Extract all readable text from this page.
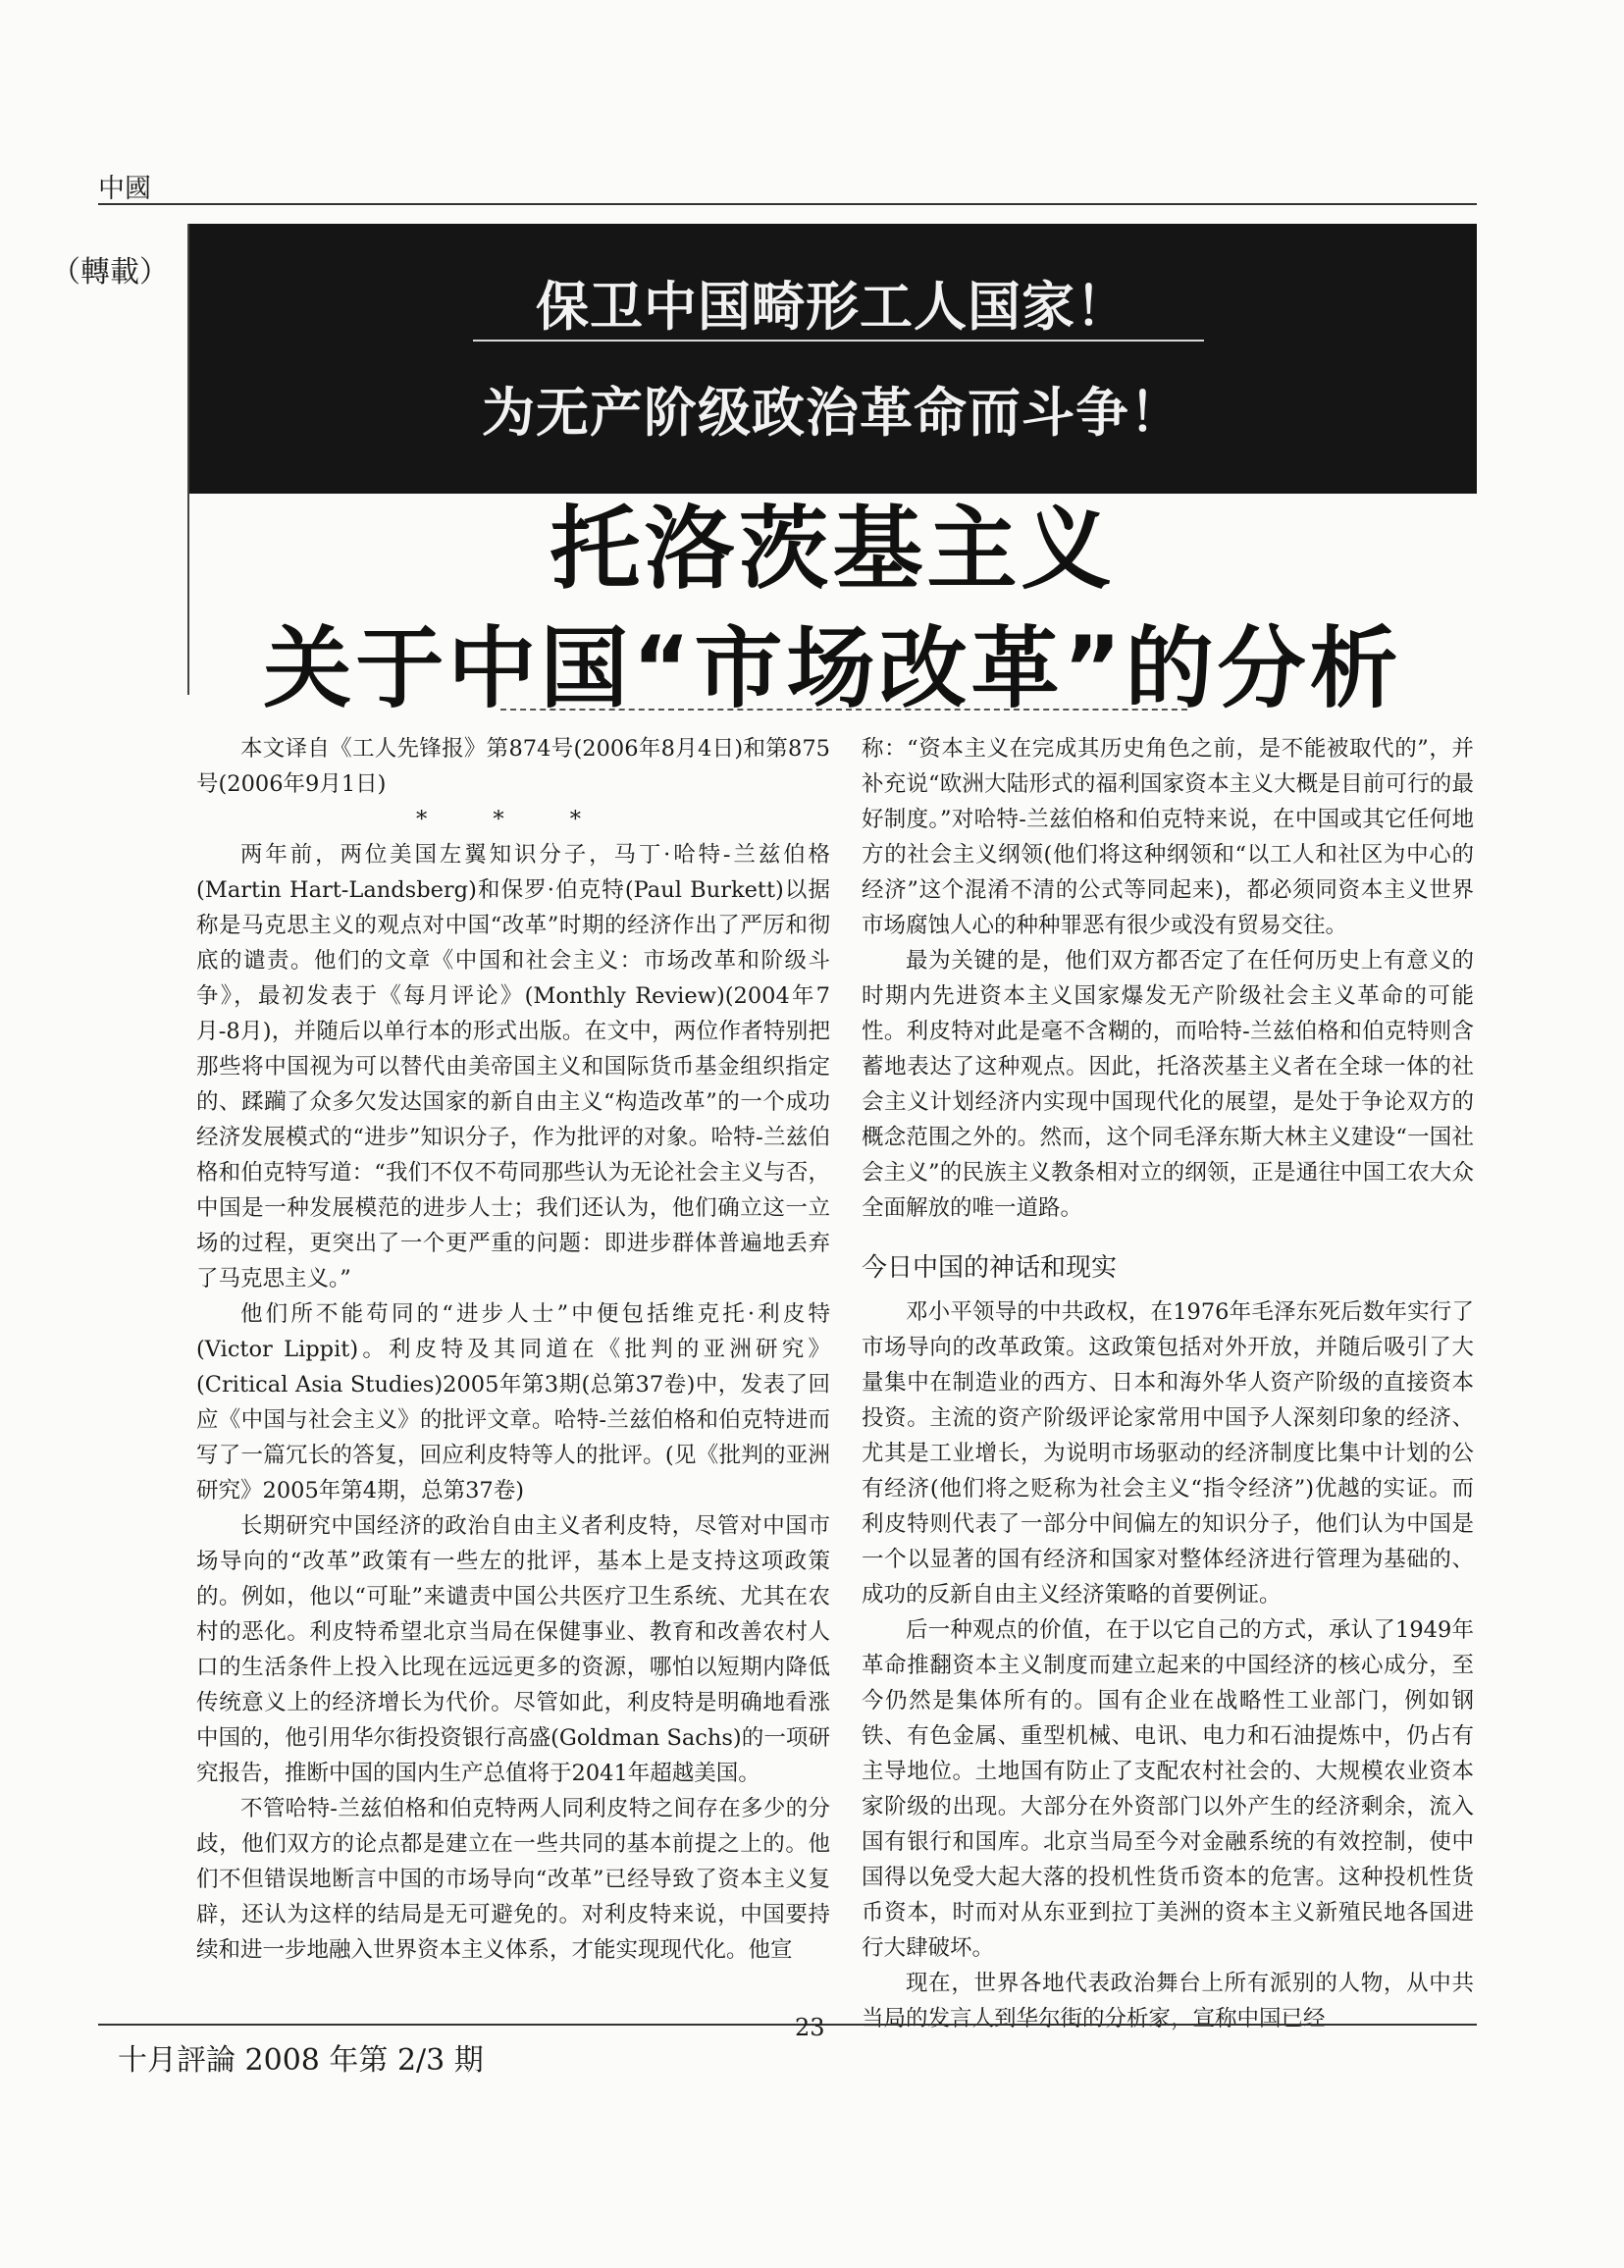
中國
（轉載）
保卫中国畸形工人国家！
为无产阶级政治革命而斗争！
托洛茨基主义
关于中国“市场改革”的分析

本文译自《工人先锋报》第874号(2006年8月4日)和第875号(2006年9月1日)

* * *

两年前，两位美国左翼知识分子，马丁·哈特-兰兹伯格(Martin Hart-Landsberg)和保罗·伯克特(Paul Burkett)以据称是马克思主义的观点对中国“改革”时期的经济作出了严厉和彻底的谴责。他们的文章《中国和社会主义：市场改革和阶级斗争》，最初发表于《每月评论》(Monthly Review)(2004年7月-8月)，并随后以单行本的形式出版。在文中，两位作者特别把那些将中国视为可以替代由美帝国主义和国际货币基金组织指定的、蹂躏了众多欠发达国家的新自由主义“构造改革”的一个成功经济发展模式的“进步”知识分子，作为批评的对象。哈特-兰兹伯格和伯克特写道：“我们不仅不苟同那些认为无论社会主义与否，中国是一种发展模范的进步人士；我们还认为，他们确立这一立场的过程，更突出了一个更严重的问题：即进步群体普遍地丢弃了马克思主义。”

他们所不能苟同的“进步人士”中便包括维克托·利皮特(Victor Lippit)。利皮特及其同道在《批判的亚洲研究》(Critical Asia Studies)2005年第3期(总第37卷)中，发表了回应《中国与社会主义》的批评文章。哈特-兰兹伯格和伯克特进而写了一篇冗长的答复，回应利皮特等人的批评。(见《批判的亚洲研究》2005年第4期，总第37卷)

长期研究中国经济的政治自由主义者利皮特，尽管对中国市场导向的“改革”政策有一些左的批评，基本上是支持这项政策的。例如，他以“可耻”来谴责中国公共医疗卫生系统、尤其在农村的恶化。利皮特希望北京当局在保健事业、教育和改善农村人口的生活条件上投入比现在远远更多的资源，哪怕以短期内降低传统意义上的经济增长为代价。尽管如此，利皮特是明确地看涨中国的，他引用华尔街投资银行高盛(Goldman Sachs)的一项研究报告，推断中国的国内生产总值将于2041年超越美国。

不管哈特-兰兹伯格和伯克特两人同利皮特之间存在多少的分歧，他们双方的论点都是建立在一些共同的基本前提之上的。他们不但错误地断言中国的市场导向“改革”已经导致了资本主义复辟，还认为这样的结局是无可避免的。对利皮特来说，中国要持续和进一步地融入世界资本主义体系，才能实现现代化。他宣

称：“资本主义在完成其历史角色之前，是不能被取代的”，并补充说“欧洲大陆形式的福利国家资本主义大概是目前可行的最好制度。”对哈特-兰兹伯格和伯克特来说，在中国或其它任何地方的社会主义纲领(他们将这种纲领和“以工人和社区为中心的经济”这个混淆不清的公式等同起来)，都必须同资本主义世界市场腐蚀人心的种种罪恶有很少或没有贸易交往。

最为关键的是，他们双方都否定了在任何历史上有意义的时期内先进资本主义国家爆发无产阶级社会主义革命的可能性。利皮特对此是毫不含糊的，而哈特-兰兹伯格和伯克特则含蓄地表达了这种观点。因此，托洛茨基主义者在全球一体的社会主义计划经济内实现中国现代化的展望，是处于争论双方的概念范围之外的。然而，这个同毛泽东斯大林主义建设“一国社会主义”的民族主义教条相对立的纲领，正是通往中国工农大众全面解放的唯一道路。

今日中国的神话和现实

邓小平领导的中共政权，在1976年毛泽东死后数年实行了市场导向的改革政策。这政策包括对外开放，并随后吸引了大量集中在制造业的西方、日本和海外华人资产阶级的直接资本投资。主流的资产阶级评论家常用中国予人深刻印象的经济、尤其是工业增长，为说明市场驱动的经济制度比集中计划的公有经济(他们将之贬称为社会主义“指令经济”)优越的实证。而利皮特则代表了一部分中间偏左的知识分子，他们认为中国是一个以显著的国有经济和国家对整体经济进行管理为基础的、成功的反新自由主义经济策略的首要例证。

后一种观点的价值，在于以它自己的方式，承认了1949年革命推翻资本主义制度而建立起来的中国经济的核心成分，至今仍然是集体所有的。国有企业在战略性工业部门，例如钢铁、有色金属、重型机械、电讯、电力和石油提炼中，仍占有主导地位。土地国有防止了支配农村社会的、大规模农业资本家阶级的出现。大部分在外资部门以外产生的经济剩余，流入国有银行和国库。北京当局至今对金融系统的有效控制，使中国得以免受大起大落的投机性货币资本的危害。这种投机性货币资本，时而对从东亚到拉丁美洲的资本主义新殖民地各国进行大肆破坏。

现在，世界各地代表政治舞台上所有派别的人物，从中共当局的发言人到华尔街的分析家，宣称中国已经

十月評論 2008 年第 2/3 期
23
